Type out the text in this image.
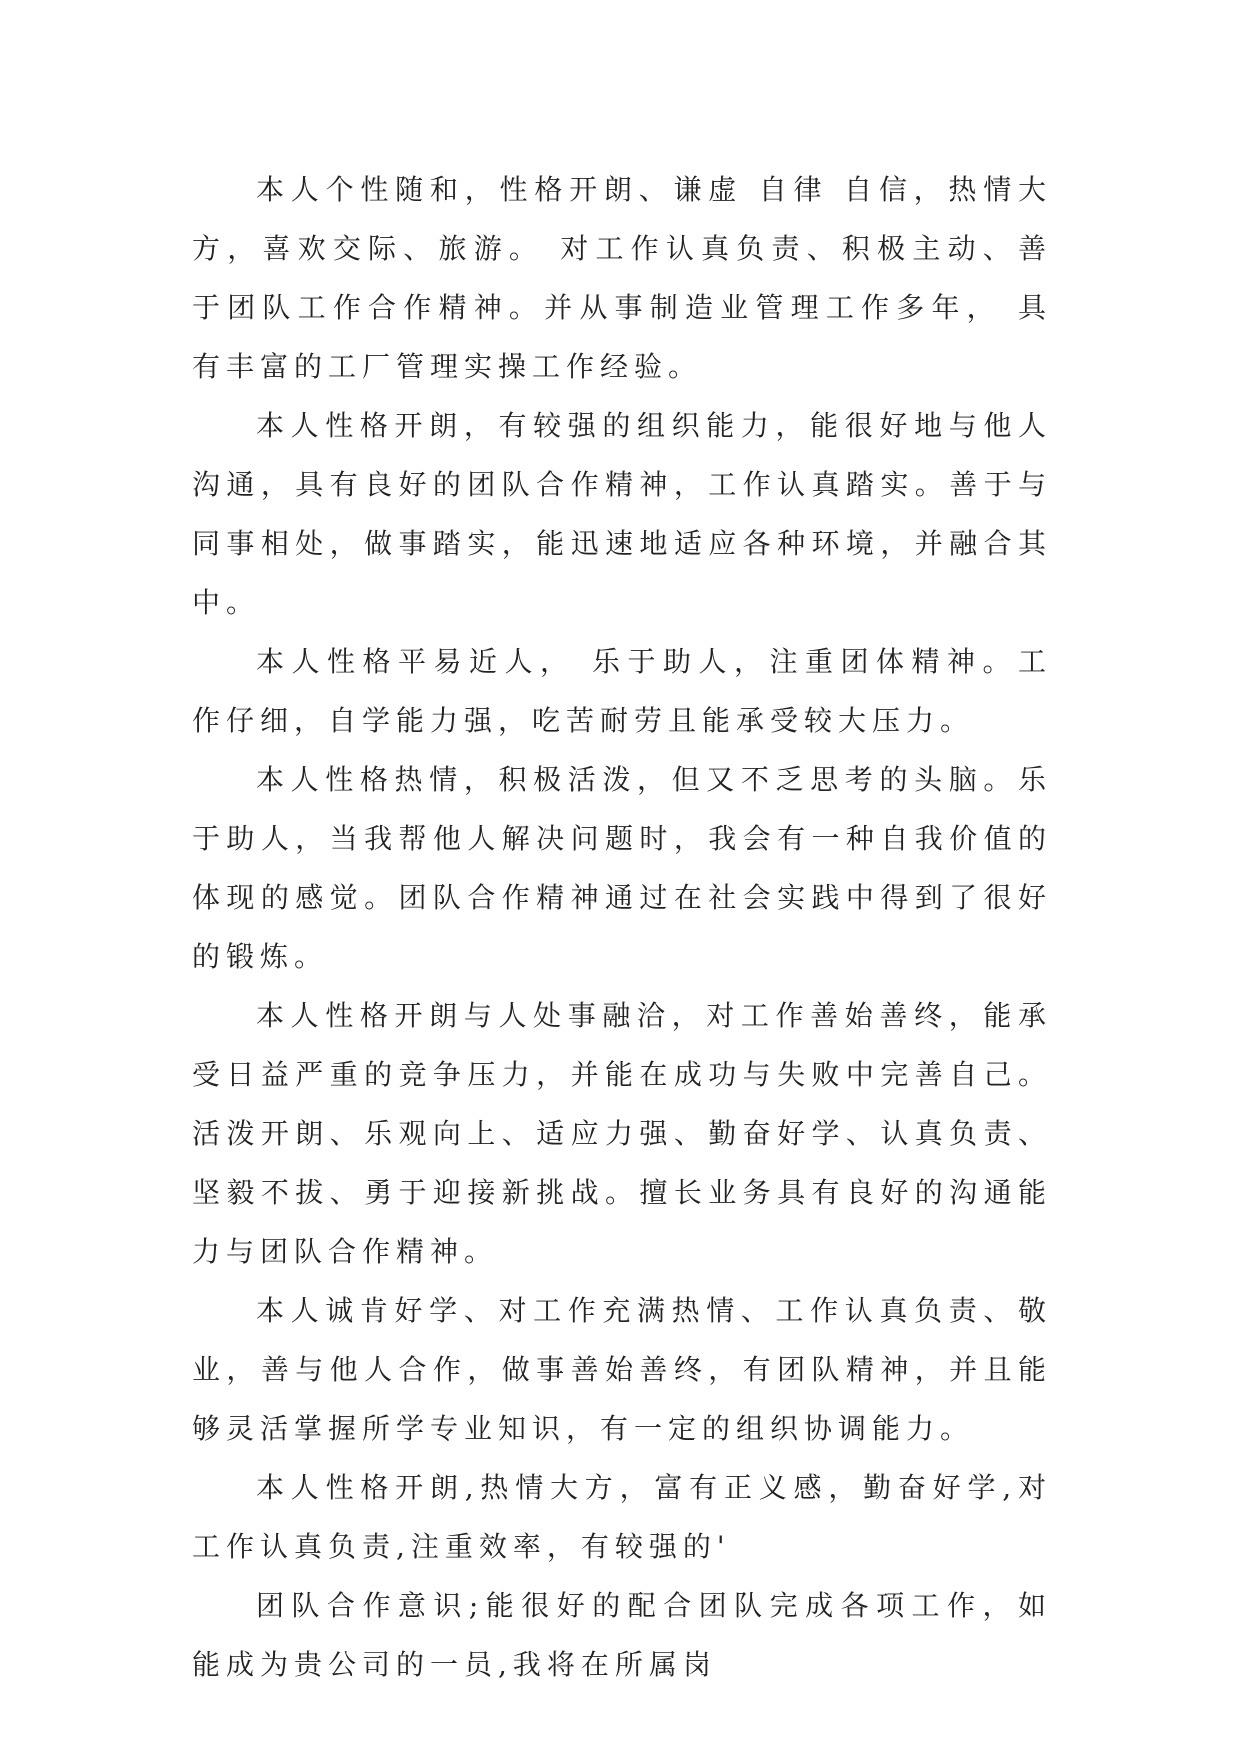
本人个性随和，性格开朗、谦虚 自律 自信，热情大方，喜欢交际、旅游。 对工作认真负责、积极主动、善于团队工作合作精神。并从事制造业管理工作多年， 具有丰富的工厂管理实操工作经验。

本人性格开朗，有较强的组织能力，能很好地与他人沟通，具有良好的团队合作精神，工作认真踏实。善于与同事相处，做事踏实，能迅速地适应各种环境，并融合其中。

本人性格平易近人， 乐于助人，注重团体精神。工作仔细，自学能力强，吃苦耐劳且能承受较大压力。

本人性格热情，积极活泼，但又不乏思考的头脑。乐于助人，当我帮他人解决问题时，我会有一种自我价值的体现的感觉。团队合作精神通过在社会实践中得到了很好的锻炼。

本人性格开朗与人处事融洽，对工作善始善终，能承受日益严重的竞争压力，并能在成功与失败中完善自己。活泼开朗、乐观向上、适应力强、勤奋好学、认真负责、坚毅不拔、勇于迎接新挑战。擅长业务具有良好的沟通能力与团队合作精神。

本人诚肯好学、对工作充满热情、工作认真负责、敬业，善与他人合作，做事善始善终，有团队精神，并且能够灵活掌握所学专业知识，有一定的组织协调能力。

本人性格开朗,热情大方，富有正义感，勤奋好学,对工作认真负责,注重效率，有较强的'

团队合作意识;能很好的配合团队完成各项工作，如能成为贵公司的一员,我将在所属岗
